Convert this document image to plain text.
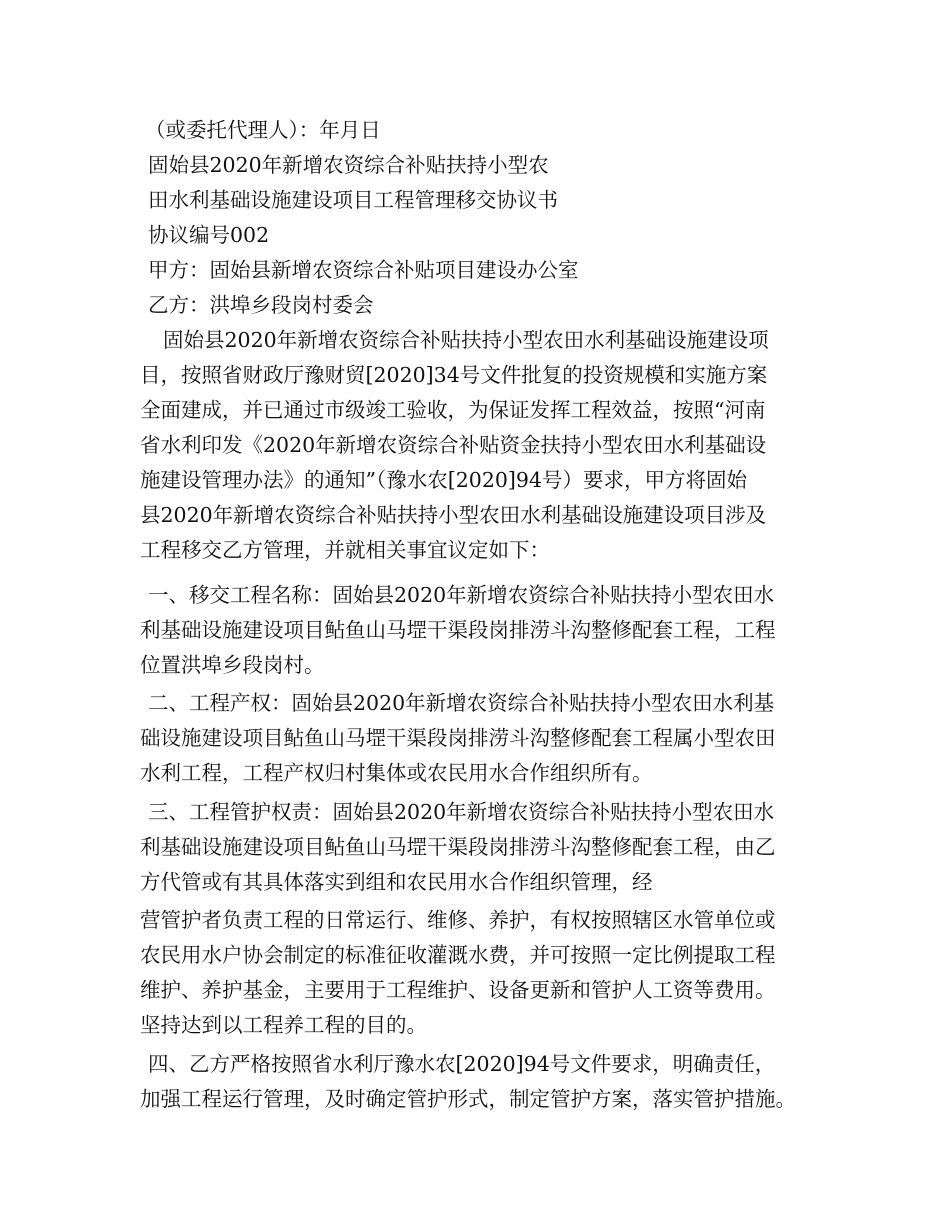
（或委托代理人）：年月日
固始县2020年新增农资综合补贴扶持小型农
田水利基础设施建设项目工程管理移交协议书
协议编号002
甲方：固始县新增农资综合补贴项目建设办公室
乙方：洪埠乡段岗村委会
固始县2020年新增农资综合补贴扶持小型农田水利基础设施建设项
目，按照省财政厅豫财贸[2020]34号文件批复的投资规模和实施方案
全面建成，并已通过市级竣工验收，为保证发挥工程效益，按照“河南
省水利印发《2020年新增农资综合补贴资金扶持小型农田水利基础设
施建设管理办法》的通知”（豫水农[2020]94号）要求，甲方将固始
县2020年新增农资综合补贴扶持小型农田水利基础设施建设项目涉及
工程移交乙方管理，并就相关事宜议定如下：
一、移交工程名称：固始县2020年新增农资综合补贴扶持小型农田水
利基础设施建设项目鲇鱼山马堽干渠段岗排涝斗沟整修配套工程，工程
位置洪埠乡段岗村。
二、工程产权：固始县2020年新增农资综合补贴扶持小型农田水利基
础设施建设项目鲇鱼山马堽干渠段岗排涝斗沟整修配套工程属小型农田
水利工程，工程产权归村集体或农民用水合作组织所有。
三、工程管护权责：固始县2020年新增农资综合补贴扶持小型农田水
利基础设施建设项目鲇鱼山马堽干渠段岗排涝斗沟整修配套工程，由乙
方代管或有其具体落实到组和农民用水合作组织管理，经
营管护者负责工程的日常运行、维修、养护，有权按照辖区水管单位或
农民用水户协会制定的标准征收灌溉水费，并可按照一定比例提取工程
维护、养护基金，主要用于工程维护、设备更新和管护人工资等费用。
坚持达到以工程养工程的目的。
四、乙方严格按照省水利厅豫水农[2020]94号文件要求，明确责任，
加强工程运行管理，及时确定管护形式，制定管护方案，落实管护措施。
